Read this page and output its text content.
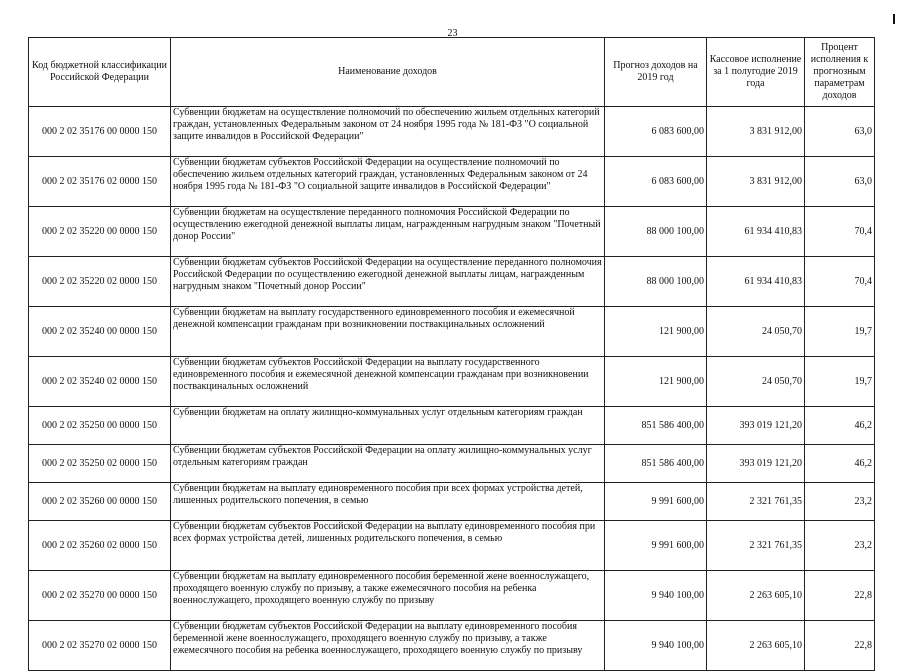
23
Код бюджетной классификации Российской Федерации	Наименование доходов	Прогноз доходов на 2019 год	Кассовое исполнение за 1 полугодие 2019 года	Процент исполнения к прогнозным параметрам доходов
000 2 02 35176 00 0000 150	Субвенции бюджетам на осуществление полномочий по обеспечению жильем отдельных категорий граждан, установленных Федеральным законом от 24 ноября 1995 года № 181-ФЗ "О социальной защите инвалидов в Российской Федерации"	6 083 600,00	3 831 912,00	63,0
000 2 02 35176 02 0000 150	Субвенции бюджетам субъектов Российской Федерации на осуществление полномочий по обеспечению жильем отдельных категорий граждан, установленных Федеральным законом от 24 ноября 1995 года № 181-ФЗ "О социальной защите инвалидов в Российской Федерации"	6 083 600,00	3 831 912,00	63,0
000 2 02 35220 00 0000 150	Субвенции бюджетам на осуществление переданного полномочия Российской Федерации по осуществлению ежегодной денежной выплаты лицам, награжденным нагрудным знаком "Почетный донор России"	88 000 100,00	61 934 410,83	70,4
000 2 02 35220 02 0000 150	Субвенции бюджетам субъектов Российской Федерации на осуществление переданного полномочия Российской Федерации по осуществлению ежегодной денежной выплаты лицам, награжденным нагрудным знаком "Почетный донор России"	88 000 100,00	61 934 410,83	70,4
000 2 02 35240 00 0000 150	Субвенции бюджетам на выплату государственного единовременного пособия и ежемесячной денежной компенсации гражданам при возникновении поствакцинальных осложнений	121 900,00	24 050,70	19,7
000 2 02 35240 02 0000 150	Субвенции бюджетам субъектов Российской Федерации на выплату государственного единовременного пособия и ежемесячной денежной компенсации гражданам при возникновении поствакцинальных осложнений	121 900,00	24 050,70	19,7
000 2 02 35250 00 0000 150	Субвенции бюджетам на оплату жилищно-коммунальных услуг отдельным категориям граждан	851 586 400,00	393 019 121,20	46,2
000 2 02 35250 02 0000 150	Субвенции бюджетам субъектов Российской Федерации на оплату жилищно-коммунальных услуг отдельным категориям граждан	851 586 400,00	393 019 121,20	46,2
000 2 02 35260 00 0000 150	Субвенции бюджетам на выплату единовременного пособия при всех формах устройства детей, лишенных родительского попечения, в семью	9 991 600,00	2 321 761,35	23,2
000 2 02 35260 02 0000 150	Субвенции бюджетам субъектов Российской Федерации на выплату единовременного пособия при всех формах устройства детей, лишенных родительского попечения, в семью	9 991 600,00	2 321 761,35	23,2
000 2 02 35270 00 0000 150	Субвенции бюджетам на выплату единовременного пособия беременной жене военнослужащего, проходящего военную службу по призыву, а также ежемесячного пособия на ребенка военнослужащего, проходящего военную службу по призыву	9 940 100,00	2 263 605,10	22,8
000 2 02 35270 02 0000 150	Субвенции бюджетам субъектов Российской Федерации на выплату единовременного пособия беременной жене военнослужащего, проходящего военную службу по призыву, а также ежемесячного пособия на ребенка военнослужащего, проходящего военную службу по призыву	9 940 100,00	2 263 605,10	22,8
